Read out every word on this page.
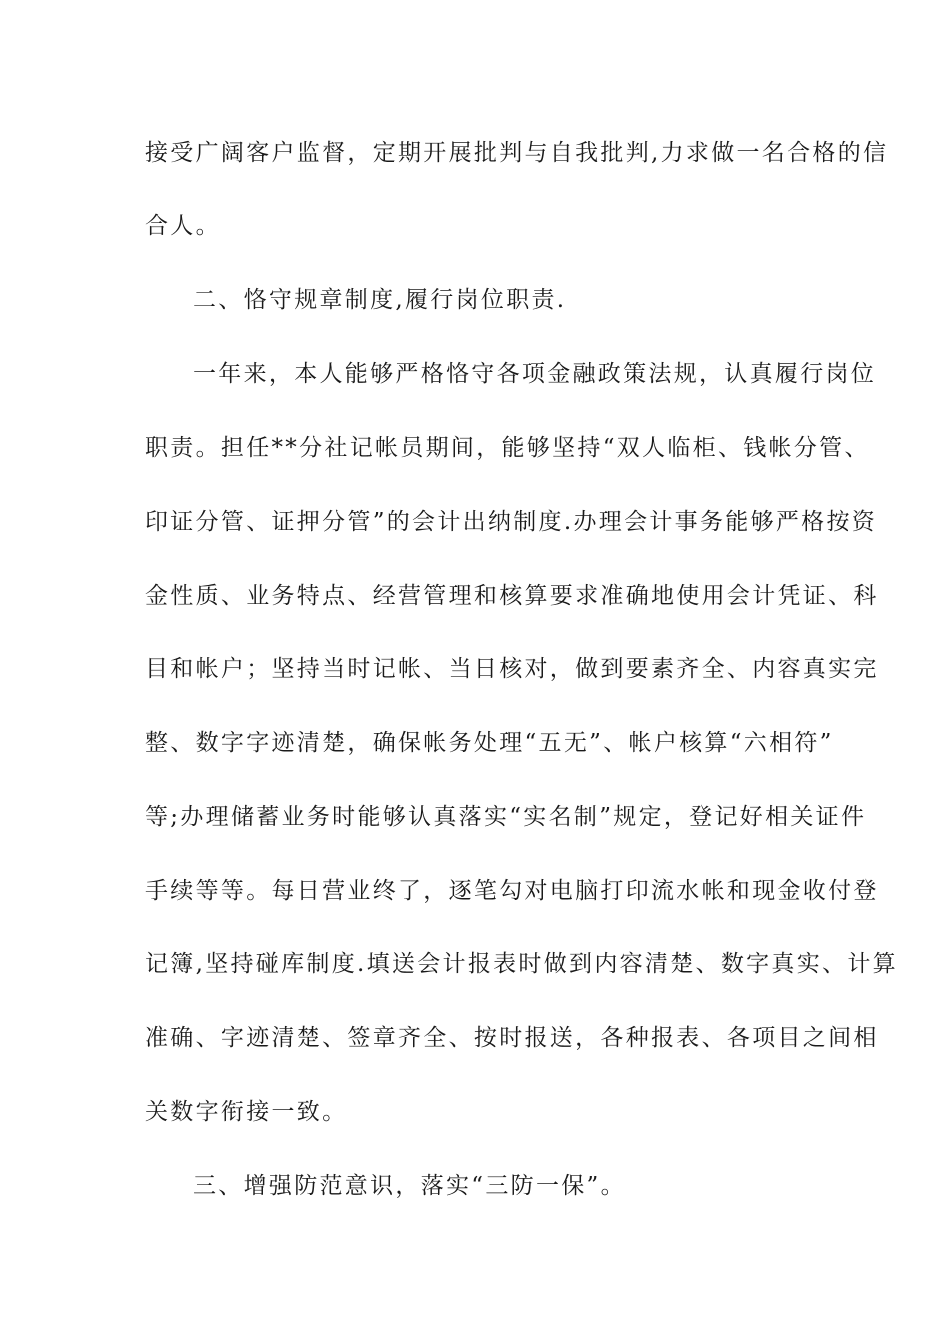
接受广阔客户监督，定期开展批判与自我批判,力求做一名合格的信
合人。
二、恪守规章制度,履行岗位职责.
一年来，本人能够严格恪守各项金融政策法规，认真履行岗位
职责。担任**分社记帐员期间，能够坚持“双人临柜、钱帐分管、
印证分管、证押分管”的会计出纳制度.办理会计事务能够严格按资
金性质、业务特点、经营管理和核算要求准确地使用会计凭证、科
目和帐户；坚持当时记帐、当日核对，做到要素齐全、内容真实完
整、数字字迹清楚，确保帐务处理“五无”、帐户核算“六相符”
等;办理储蓄业务时能够认真落实“实名制”规定，登记好相关证件
手续等等。每日营业终了，逐笔勾对电脑打印流水帐和现金收付登
记簿,坚持碰库制度.填送会计报表时做到内容清楚、数字真实、计算
准确、字迹清楚、签章齐全、按时报送，各种报表、各项目之间相
关数字衔接一致。
三、增强防范意识，落实“三防一保”。
